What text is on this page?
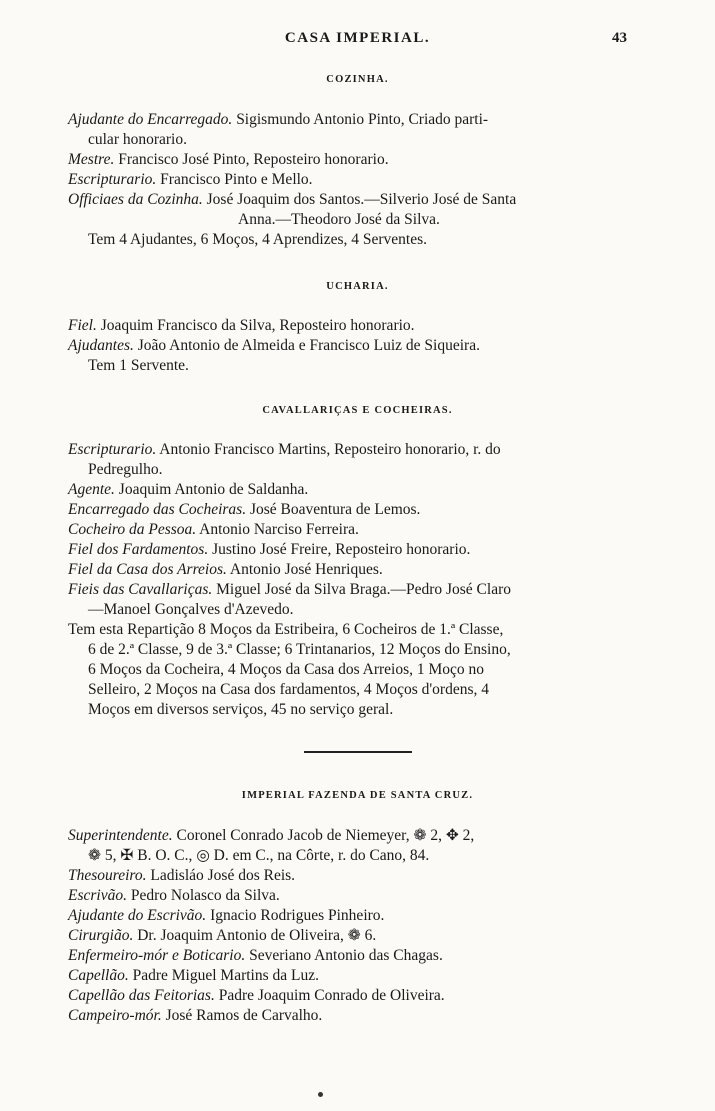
CASA IMPERIAL.	43
COZINHA.
Ajudante do Encarregado. Sigismundo Antonio Pinto, Criado parti-
cular honorario.
Mestre. Francisco José Pinto, Reposteiro honorario.
Escripturario. Francisco Pinto e Mello.
Officiaes da Cozinha. José Joaquim dos Santos.—Silverio José de Santa
Anna.—Theodoro José da Silva.
Tem 4 Ajudantes, 6 Moços, 4 Aprendizes, 4 Serventes.
UCHARIA.
Fiel. Joaquim Francisco da Silva, Reposteiro honorario.
Ajudantes. João Antonio de Almeida e Francisco Luiz de Siqueira.
Tem 1 Servente.
CAVALLARIÇAS E COCHEIRAS.
Escripturario. Antonio Francisco Martins, Reposteiro honorario, r. do
Pedregulho.
Agente. Joaquim Antonio de Saldanha.
Encarregado das Cocheiras. José Boaventura de Lemos.
Cocheiro da Pessoa. Antonio Narciso Ferreira.
Fiel dos Fardamentos. Justino José Freire, Reposteiro honorario.
Fiel da Casa dos Arreios. Antonio José Henriques.
Fieis das Cavallariças. Miguel José da Silva Braga.—Pedro José Claro
—Manoel Gonçalves d'Azevedo.
Tem esta Repartição 8 Moços da Estribeira, 6 Cocheiros de 1.ª Classe,
6 de 2.ª Classe, 9 de 3.ª Classe; 6 Trintanarios, 12 Moços do Ensino,
6 Moços da Cocheira, 4 Moços da Casa dos Arreios, 1 Moço no
Selleiro, 2 Moços na Casa dos fardamentos, 4 Moços d'ordens, 4
Moços em diversos serviços, 45 no serviço geral.
IMPERIAL FAZENDA DE SANTA CRUZ.
Superintendente. Coronel Conrado Jacob de Niemeyer, ❁ 2, ✥ 2,
❁ 5, ✠ B. O. C., ◎ D. em C., na Côrte, r. do Cano, 84.
Thesoureiro. Ladisláo José dos Reis.
Escrivão. Pedro Nolasco da Silva.
Ajudante do Escrivão. Ignacio Rodrigues Pinheiro.
Cirurgião. Dr. Joaquim Antonio de Oliveira, ❁ 6.
Enfermeiro-mór e Boticario. Severiano Antonio das Chagas.
Capellão. Padre Miguel Martins da Luz.
Capellão das Feitorias. Padre Joaquim Conrado de Oliveira.
Campeiro-mór. José Ramos de Carvalho.
